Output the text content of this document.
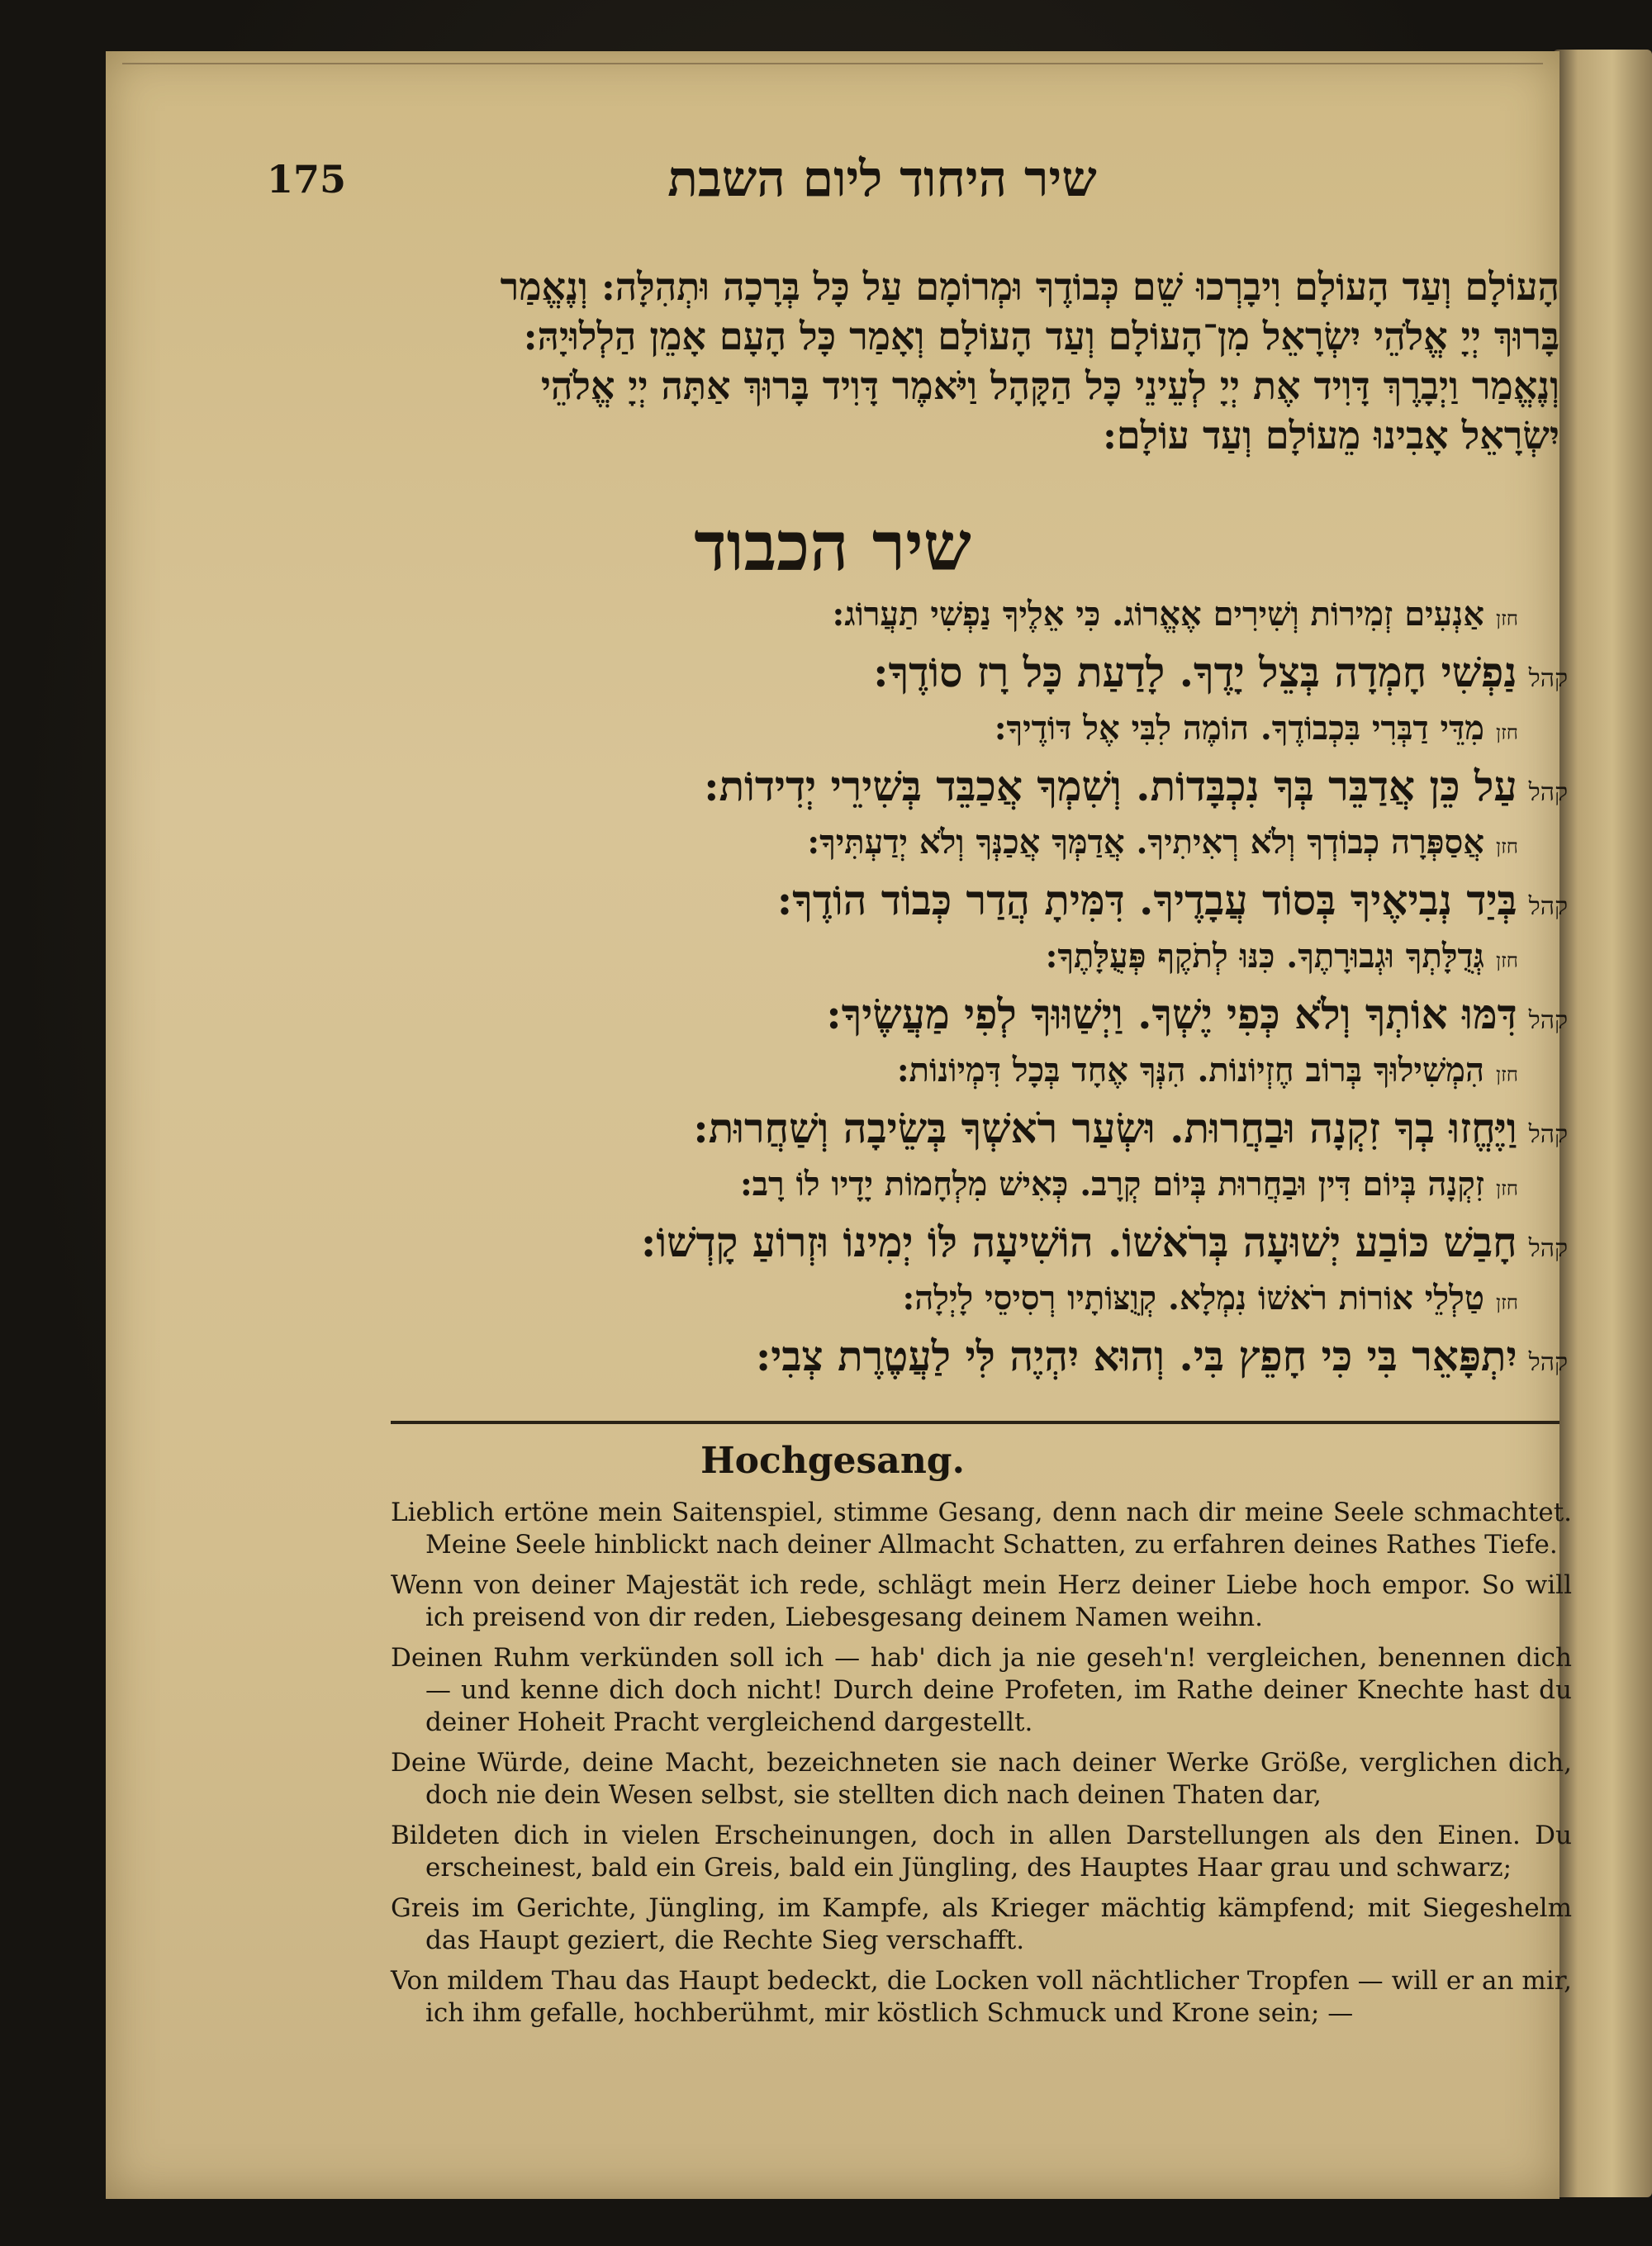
175	שיר היחוד ליום השבת

הָעוֹלָם וְעַד הָעוֹלָם וִיבָרְכוּ שֵׁם כְּבוֹדֶךָ וּמְרוֹמָם עַל כָּל בְּרָכָה וּתְהִלָּה: וְנֶאֱמַר

בָּרוּךְ יְיָ אֱלֹהֵי יִשְׂרָאֵל מִן־הָעוֹלָם וְעַד הָעוֹלָם וְאָמַר כָּל הָעָם אָמֵן הַלְלוּיָהּ:

וְנֶאֱמַר וַיְבָרֶךְ דָּוִיד אֶת יְיָ לְעֵינֵי כָּל הַקָּהָל וַיֹּאמֶר דָּוִיד בָּרוּךְ אַתָּה יְיָ אֱלֹהֵי

יִשְׂרָאֵל אָבִינוּ מֵעוֹלָם וְעַד עוֹלָם:

שיר הכבוד
חזןאַנְעִים זְמִירוֹת וְשִׁירִים אֶאֱרוֹג. כִּי אֵלֶיךָ נַפְשִׁי תַעֲרוֹג:
קהלנַפְשִׁי חָמְדָה בְּצֵל יָדֶךָ. לָדַעַת כָּל רָז סוֹדֶךָ:
חזןמִדֵּי דַבְּרִי בִּכְבוֹדֶךָ. הוֹמֶה לִבִּי אֶל דּוֹדֶיךָ:
קהלעַל כֵּן אֲדַבֵּר בְּךָ נִכְבָּדוֹת. וְשִׁמְךָ אֲכַבֵּד בְּשִׁירֵי יְדִידוֹת:
חזןאֲסַפְּרָה כְבוֹדְךָ וְלֹא רְאִיתִיךָ. אֲדַמְּךָ אֲכַנְּךָ וְלֹא יְדַעְתִּיךָ:
קהלבְּיַד נְבִיאֶיךָ בְּסוֹד עֲבָדֶיךָ. דִּמִּיתָ הֲדַר כְּבוֹד הוֹדֶךָ:
חזןגְּדֻלָּתְךָ וּגְבוּרָתֶךָ. כִּנּוּ לְתֹקֶף פְּעֻלָּתֶךָ:
קהלדִּמּוּ אוֹתְךָ וְלֹא כְּפִי יֶשְׁךָ. וַיְשַׁוּוּךָ לְפִי מַעֲשֶׂיךָ:
חזןהִמְשִׁילוּךָ בְּרוֹב חֶזְיוֹנוֹת. הִנְּךָ אֶחָד בְּכָל דִּמְיוֹנוֹת:
קהלוַיֶּחֱזוּ בְךָ זִקְנָה וּבַחֲרוּת. וּשְׂעַר רֹאשְׁךָ בְּשֵׂיבָה וְשַׁחֲרוּת:
חזןזִקְנָה בְּיוֹם דִּין וּבַחֲרוּת בְּיוֹם קְרָב. כְּאִישׁ מִלְחָמוֹת יָדָיו לוֹ רָב:
קהלחָבַשׁ כּוֹבַע יְשׁוּעָה בְּרֹאשׁוֹ. הוֹשִׁיעָה לּוֹ יְמִינוֹ וּזְרוֹעַ קָדְשׁוֹ:
חזןטַלְלֵי אוֹרוֹת רֹאשׁוֹ נִמְלָא. קְוֻצּוֹתָיו רְסִיסֵי לָיְלָה:
קהליִתְפָּאֵר בִּי כִּי חָפֵץ בִּי. וְהוּא יִהְיֶה לִּי לַעֲטֶרֶת צְבִי:
Hochgesang.

Lieblich ertöne mein Saitenspiel, stimme Gesang, denn nach dir meine Seele schmachtet. Meine Seele hinblickt nach deiner Allmacht Schatten, zu erfahren deines Rathes Tiefe.

Wenn von deiner Majestät ich rede, schlägt mein Herz deiner Liebe hoch empor. So will ich preisend von dir reden, Liebesgesang deinem Namen weihn.

Deinen Ruhm verkünden soll ich — hab' dich ja nie geseh'n! vergleichen, benennen dich — und kenne dich doch nicht! Durch deine Profeten, im Rathe deiner Knechte hast du deiner Hoheit Pracht vergleichend dargestellt.

Deine Würde, deine Macht, bezeichneten sie nach deiner Werke Größe, verglichen dich, doch nie dein Wesen selbst, sie stellten dich nach deinen Thaten dar,

Bildeten dich in vielen Erscheinungen, doch in allen Darstellungen als den Einen. Du erscheinest, bald ein Greis, bald ein Jüngling, des Hauptes Haar grau und schwarz;

Greis im Gerichte, Jüngling, im Kampfe, als Krieger mächtig kämpfend; mit Siegeshelm das Haupt geziert, die Rechte Sieg verschafft.

Von mildem Thau das Haupt bedeckt, die Locken voll nächtlicher Tropfen — will er an mir, ich ihm gefalle, hochberühmt, mir köstlich Schmuck und Krone sein; —
